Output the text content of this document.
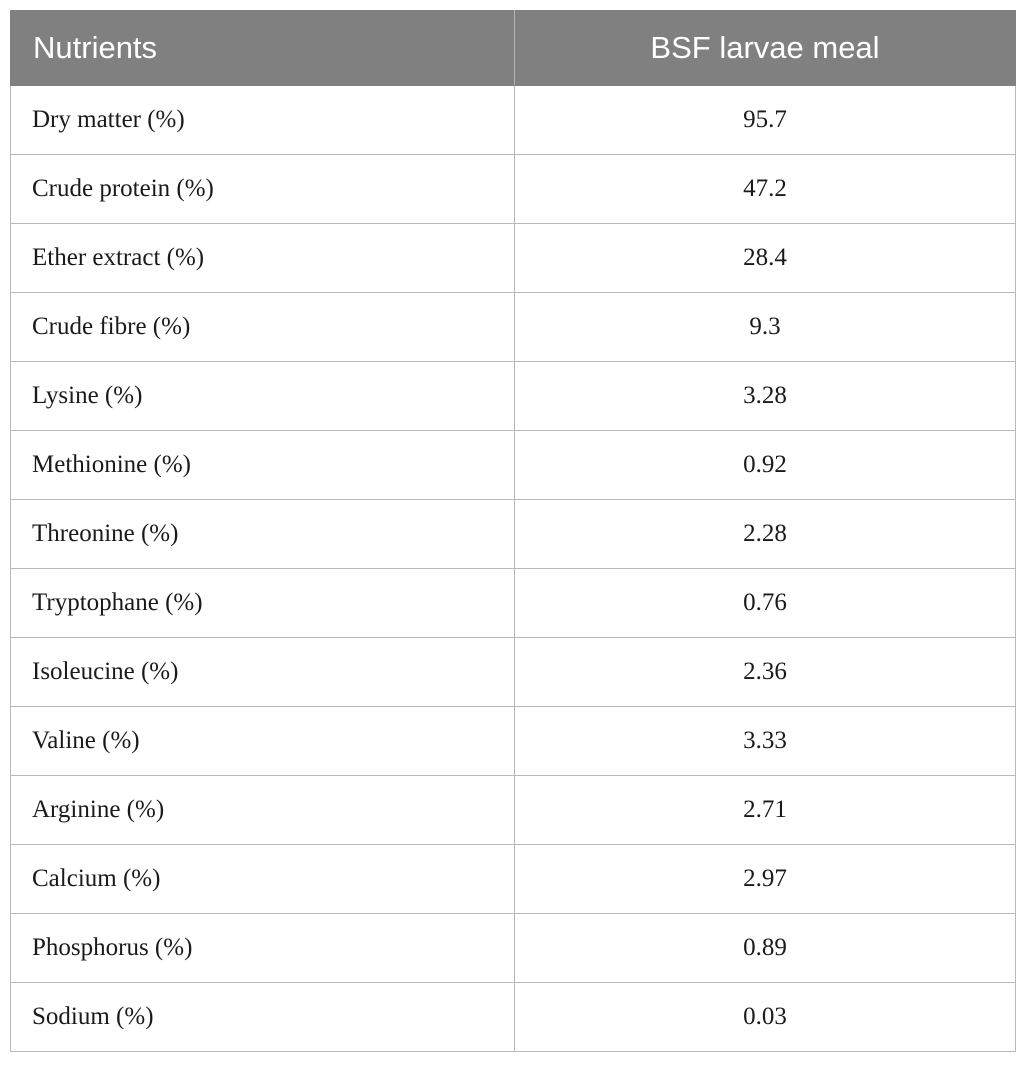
Nutrients	BSF larvae meal
Dry matter (%)	95.7
Crude protein (%)	47.2
Ether extract (%)	28.4
Crude fibre (%)	9.3
Lysine (%)	3.28
Methionine (%)	0.92
Threonine (%)	2.28
Tryptophane (%)	0.76
Isoleucine (%)	2.36
Valine (%)	3.33
Arginine (%)	2.71
Calcium (%)	2.97
Phosphorus (%)	0.89
Sodium (%)	0.03
